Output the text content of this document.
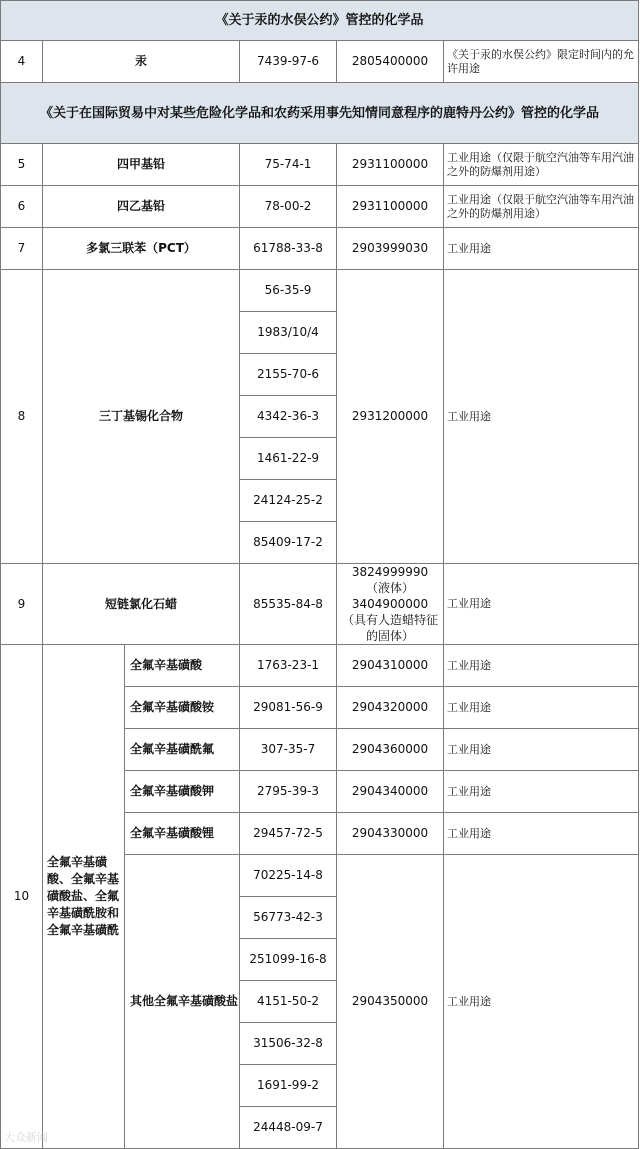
《关于汞的水俣公约》管控的化学品					
4	汞		7439-97-6	2805400000	《关于汞的水俣公约》限定时间内的允许用途
《关于在国际贸易中对某些危险化学品和农药采用事先知情同意程序的鹿特丹公约》管控的化学品					
5	四甲基铅		75-74-1	2931100000	工业用途（仅限于航空汽油等车用汽油之外的防爆剂用途）
6	四乙基铅		78-00-2	2931100000	工业用途（仅限于航空汽油等车用汽油之外的防爆剂用途）
7	多氯三联苯（PCT）		61788-33-8	2903999030	工业用途
8	三丁基锡化合物		56-35-9	2931200000	工业用途
			1983/10/4		
			2155-70-6		
			4342-36-3		
			1461-22-9		
			24124-25-2		
			85409-17-2		
9	短链氯化石蜡		85535-84-8	3824999990（液体）3404900000（具有人造蜡特征的固体）	工业用途
10	全氟辛基磺酸、全氟辛基磺酸盐、全氟辛基磺酰胺和全氟辛基磺酰	全氟辛基磺酸	1763-23-1	2904310000	工业用途
		全氟辛基磺酸铵	29081-56-9	2904320000	工业用途
		全氟辛基磺酰氟	307-35-7	2904360000	工业用途
		全氟辛基磺酸钾	2795-39-3	2904340000	工业用途
		全氟辛基磺酸锂	29457-72-5	2904330000	工业用途
		其他全氟辛基磺酸盐	70225-14-8	2904350000	工业用途
			56773-42-3		
			251099-16-8		
			4151-50-2		
			31506-32-8		
			1691-99-2		
			24448-09-7		
大众新闻
